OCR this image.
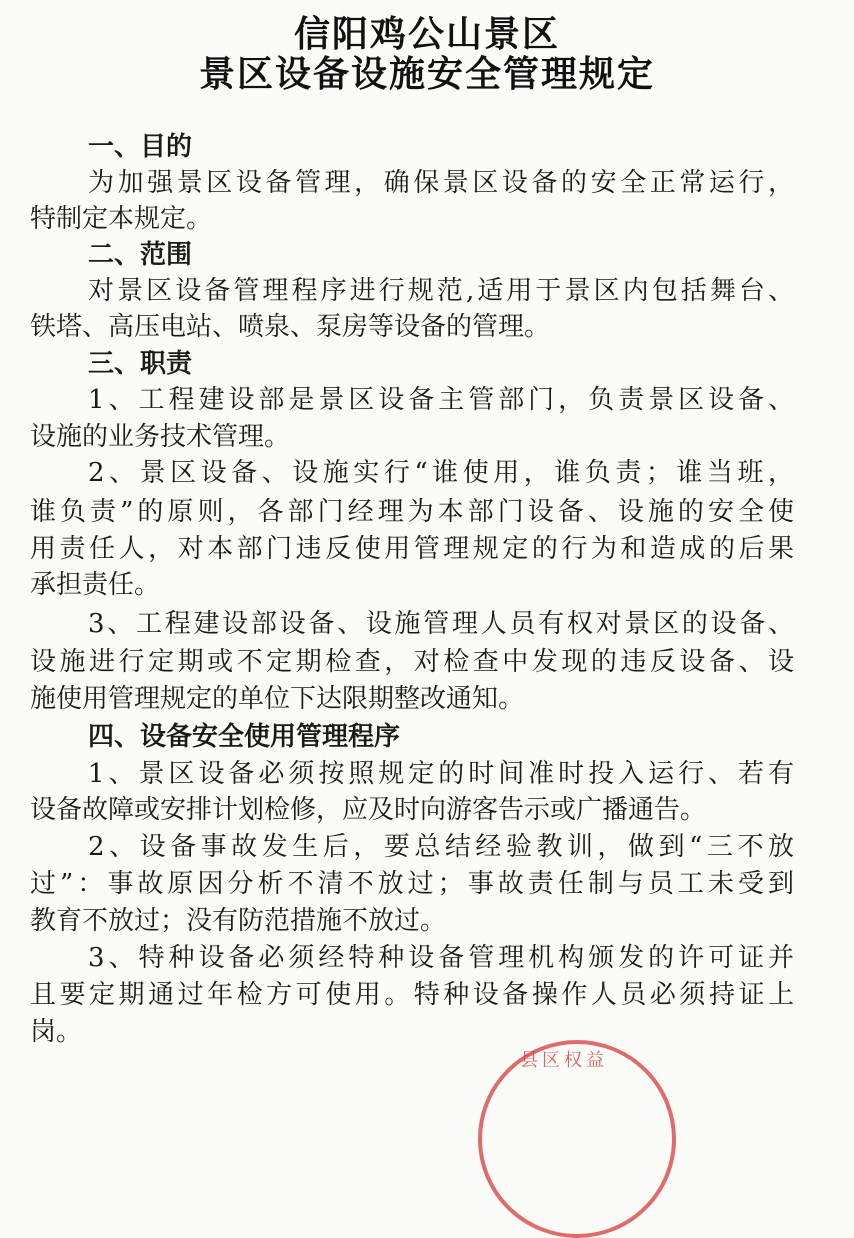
信阳鸡公山景区
景区设备设施安全管理规定
一、目的
为加强景区设备管理，确保景区设备的安全正常运行，
特制定本规定。
二、范围
对景区设备管理程序进行规范,适用于景区内包括舞台、
铁塔、高压电站、喷泉、泵房等设备的管理。
三、职责
1、工程建设部是景区设备主管部门，负责景区设备、
设施的业务技术管理。
2、景区设备、设施实行“谁使用，谁负责；谁当班，
谁负责”的原则，各部门经理为本部门设备、设施的安全使
用责任人，对本部门违反使用管理规定的行为和造成的后果
承担责任。
3、工程建设部设备、设施管理人员有权对景区的设备、
设施进行定期或不定期检查，对检查中发现的违反设备、设
施使用管理规定的单位下达限期整改通知。
四、设备安全使用管理程序
1、景区设备必须按照规定的时间准时投入运行、若有
设备故障或安排计划检修，应及时向游客告示或广播通告。
2、设备事故发生后，要总结经验教训，做到“三不放
过”：事故原因分析不清不放过；事故责任制与员工未受到
教育不放过；没有防范措施不放过。
3、特种设备必须经特种设备管理机构颁发的许可证并
且要定期通过年检方可使用。特种设备操作人员必须持证上
岗。
县区权益
